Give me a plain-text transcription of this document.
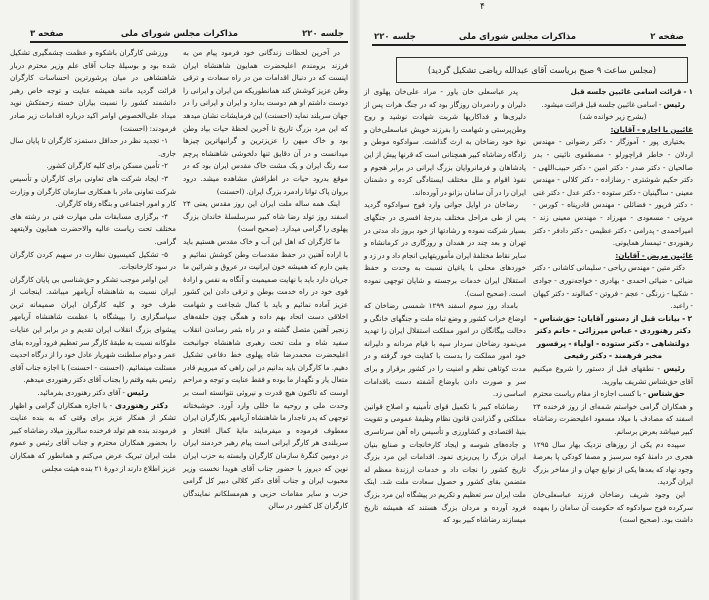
جلسه ۲۲۰
مذاکرات مجلس شورای ملی
صفحه ۳
۴
صفحه ۲
مذاکرات مجلس شورای ملی
جلسه ۲۲۰
(مجلس ساعت ۹ صبح بریاست آقای عبدالله ریاضی تشکیل گردید)

ورزشی کارگران باشکوه و عظمت چشمگیری تشکیل شده بود و بوسیلهٔ جناب آقای علم وزیر محترم دربار شاهنشاهی در میان پرشورترین احساسات کارگران قرائت گردید مانند همیشه عنایت و توجه خاص رهبر دانشمند کشور را نسبت بیاران خسته زحمتکش نوید میداد علی‌الخصوص اوامر اکید درباره اقدامات زیر صادر فرمودند: (احسنت)

۱- تجدید نظر در حداقل دستمزد کارگران تا پایان سال جاری.

۲- تأمین مسکن برای کلیه کارگران کشور.

۳- ایجاد شرکت های تعاونی برای کارگران و تأسیس شرکت تعاونی مادر با همکاری سازمان کارگران و وزارت کار و امور اجتماعی و بنگاه رفاه کارگران.

۴- برگزاری مسابقات ملی مهارت فنی در رشته های مختلف تحت ریاست عالیه والاحضرت همایون ولایتعهد گرامی.

۵- تشکیل کمیسیون نظارت در سهیم کردن کارگران در سود کارخانجات.

این اوامر موجب تشکر و حق‌شناسی بی پایان کارگران ایران نسبت به شاهنشاه آریامهر میباشد. اینجانب از طرف خود و کلیه کارگران ایران صمیمانه ترین سپاسگزاری را بپیشگاه با عظمت شاهنشاه آریامهر پیشوای بزرگ انقلاب ایران تقدیم و در برابر این عنایات ملوکانه نسبت به طبقهٔ کارگر سر تعظیم فرود آورده بقای عمر و دوام سلطنت شهریار عادل خود را از درگاه احدیت مسئلت مینمائیم. (احسنت - احسنت) با اجازه جناب آقای رئیس بقیه وقتم را بجناب آقای دکتر رهنوردی میدهم.

رئیس - آقای دکتر رهنوردی بفرمائید.

دکتر رهنوردی - با اجازه همکاران گرامی و اظهار تشکر از همکار عزیز برای وقتی که به بنده عنایت فرمودند بنده هم تولد فرخنده سالروز میلاد رضاشاه کبیر را بحضور همکاران محترم و جناب آقای رئیس و عموم ملت ایران تبریک عرض می‌کنم و همانطور که همکاران عزیز اطلاع دارند از دورهٔ ۲۱ بنده هیئت مجلس

در آخرین لحظات زندگانی خود فرمود پیام من به فرزند برومندم اعلیحضرت همایون شاهنشاه ایران اینست که در دنبال اقدامات من در راه سعادت و ترقی وطن عزیز کوشش کند همانطوریکه من ایران و ایرانی را دوست داشتم او هم دوست بدارد و ایران و ایرانی را در جهان سربلند نماید (احسنت) این فرمایشات نشان میدهد که این مرد بزرگ تاریخ تا آخرین لحظهٔ حیات بیاد وطن بود و خاک میهن را عزیزترین و گرانبهاترین چیزها میدانست و در آن دقایق تنها دلخوشی شاهنشاه پرچم سه رنگ ایران و یک مشت خاک مقدس ایران بود که در موقع بدرود حیات در اطرافش مشاهده میشد. درود بروان پاک توانا رادمرد بزرگ ایران. (احسنت)

اینک همه ساله ملت ایران این روز مقدس یعنی ۲۴ اسفند روز تولد رضا شاه کبیر سرسلسلهٔ خاندان بزرگ پهلوی را گرامی میدارد. (صحیح است)

ما کارگران که اهل این آب و خاک مقدس هستیم باید با اراده آهنین در حفظ مقدسات وطن کوشش نمائیم و یقین دارم که همیشه خون ایرانیت در عروق و شرائین ما جریان دارد باید با نهایت صمیمیت و آنگاه به نفس و ارادهٔ قوی خود در راه خدمت بوطن و ترقی دادن این کشور عزیز آماده نمائیم و باید با کمال شجاعت و شهامت اخلاقی دست اتحاد بهم داده و همگی چون حلقه‌های زنجیر آهنین متصل گشته و در راه بثمر رساندن انقلاب سفید شاه و ملت تحت رهبری شاهنشاه جوانبخت اعلیحضرت محمدرضا شاه پهلوی خط دفاعی تشکیل دهیم. ما کارگران باید بدانیم در این راهی که میرویم قادر متعال یار و نگهدار ما بوده و فقط عنایت و توجه و مراحم اوست که تاکنون هیچ قدرت و نیروئی نتوانسته است بر وحدت ملی و روحیه ما خللی وارد آورد. خوشبختانه توجهی که پدر تاجدار ما شاهنشاه آریامهر بکارگران ایران معطوف فرموده و میفرمایند مایهٔ کمال افتخار و سربلندی هر کارگر ایرانی است پیام رهبر خردمند ایران در دومین کنگرهٔ سازمان کارگران وابسته به حزب ایران نوین که دیروز با حضور جناب آقای هویدا نخست وزیر محبوب ایران و جناب آقای دکتر کلالی دبیر کل گرامی حزب و سایر مقامات حزبی و هم‌مسلکانم نمایندگان کارگران کل کشور در سالن

پدر عباسعلی خان یاور - مراد علی‌خان پهلوی از دلیران و رادمردان روزگار بود که در جنگ هرات پس از دلیری‌ها و فداکاریها شربت شهادت نوشید و روح وطن‌پرستی و شهامت را بفرزند خویش عباسعلی‌خان و نوهٔ خود رضاخان به ارث گذاشت. سوادکوه موطن و زادگاه رضاشاه کبیر همچنانی است که قرنها پیش از این پادشاهان و فرمانروایان بزرگ ایرانی در برابر هجوم و نفوذ اقوام و ملل مختلف ایستادگی کرده و دشمنان ایران را در آن سامان بزانو در آورده‌اند.

رضاخان در اوایل جوانی وارد فوج سوادکوه گردید پس از طی مراحل مختلف بدرجهٔ افسری در جنگهای بسیار شرکت نموده و رشادتها از خود بروز داد مدتی در تهران و بعد چند در همدان و روزگاری در کرمانشاه و سایر نقاط مختلفهٔ ایران مأموریتهایی انجام داد و در زد و خوردهای محلی با یاغیان نسبت به وحدت و حفظ استقلال ایران خدمات برجسته و شایان توجهی نموده است. (صحیح است).

بامداد روز سوم اسفند ۱۲۹۹ شمسی رضاخان که اوضاع خراب کشور و وضع تباه ملت و جنگهای خانگی و دخالت بیگانگان در امور مملکت استقلال ایران را تهدید می‌نمود رضاخان سردار سپه با قیام مردانه و دلیرانه خود امور مملکت را بدست با کفایت خود گرفته و در مدت کوتاهی نظم و امنیت را در کشور برقرار و برای سر و صورت دادن باوضاع آشفته دست باقدامات اساسی زد.

رضاشاه کبیر با تکمیل قوای تأمینیه و اصلاح قوانین مملکتی و گذراندن قانون نظام وظیفهٔ عمومی و تقویت بنیهٔ اقتصادی و کشاورزی و تأسیس راه آهن سرتاسری و جاده‌های شوسه و ایجاد کارخانجات و صنایع بنیان ایران بزرگ را پی‌ریزی نمود. اقدامات این مرد بزرگ تاریخ کشور را نجات داد و خدمات ارزندهٔ معظم له متضمن بقای کشور و حصول سعادت ملت شد. اینک ملت ایران سر تعظیم و تکریم در پیشگاه این مرد بزرگ فرود آورده و مردان بزرگ هستند که همیشه تاریخ میسازند رضاشاه کبیر بود که

۱ - قرائت اسامی غائبین جلسه قبل

رئیس - اسامی غائبین جلسه قبل قرائت میشود.

(بشرح زیر خوانده شد)

غائبین با اجازه - آقایان:

بختیاری پور - آموزگار - دکتر رضوانی - مهندس اردلان - خاطر قراچورلو - مصطفوی نائینی - بدر صالحیان - دکتر صدر - دکتر امین - دکتر حبیب‌اللهی - دکتر حکیم شوشتری - رضازاده - دکتر کلالی - مهندس معینی - ساگینیان - دکتر ستوده - دکتر عدل - دکتر غنی - دکتر فریور - فضائلی - مهندس قادرپناه - کورس - مروتی - مسعودی - مهرزاد - مهندس معینی زند - امیراحمدی - پدرامی - دکتر عظیمی - دکتر دادفر - دکتر رهنوردی - تیمسار همایونی.

غائبین مریض - آقایان:

دکتر متین - مهندس ریاحی - سلیمانی کاشانی - دکتر ضیائی - ضیائی احمدی - بهادری - خواجه‌نوری - جوادی - شکیبا - زرنگی - عجم - فروتن - کمالوند - دکتر کیهان - راعبد.

۲ - بیانات قبل از دستور آقایان: حق‌شناس - دکتر رهنوردی - عباس میرزائی - خانم دکتر دولتشاهی - دکتر ستوده - اولیاء - پرفسور مخبر فرهمند - دکتر رفیعی

رئیس - نطقهای قبل از دستور را شروع میکنیم آقای حق‌شناس تشریف بیاورید.

حق‌شناس - با کسب اجازه از مقام ریاست محترم و همکاران گرامی خواستم شمه‌ای از روز فرخنده ۲۴ اسفند که مصادف با میلاد مسعود اعلیحضرت رضاشاه کبیر میباشد بعرض برسانم.

سپیده دم یکی از روزهای نزدیک بهار سال ۱۲۹۵ هجری در دامنهٔ کوه سرسبز و مصفا کودکی پا بعرصهٔ وجود نهاد که بعدها یکی از نوابغ جهان و از مفاخر بزرگ ایران گردید.

این وجود شریف رضاخان فرزند عباسعلی‌خان سرکرده فوج سوادکوه که حکومت آن سامان را بعهده داشت بود. (صحیح است)
